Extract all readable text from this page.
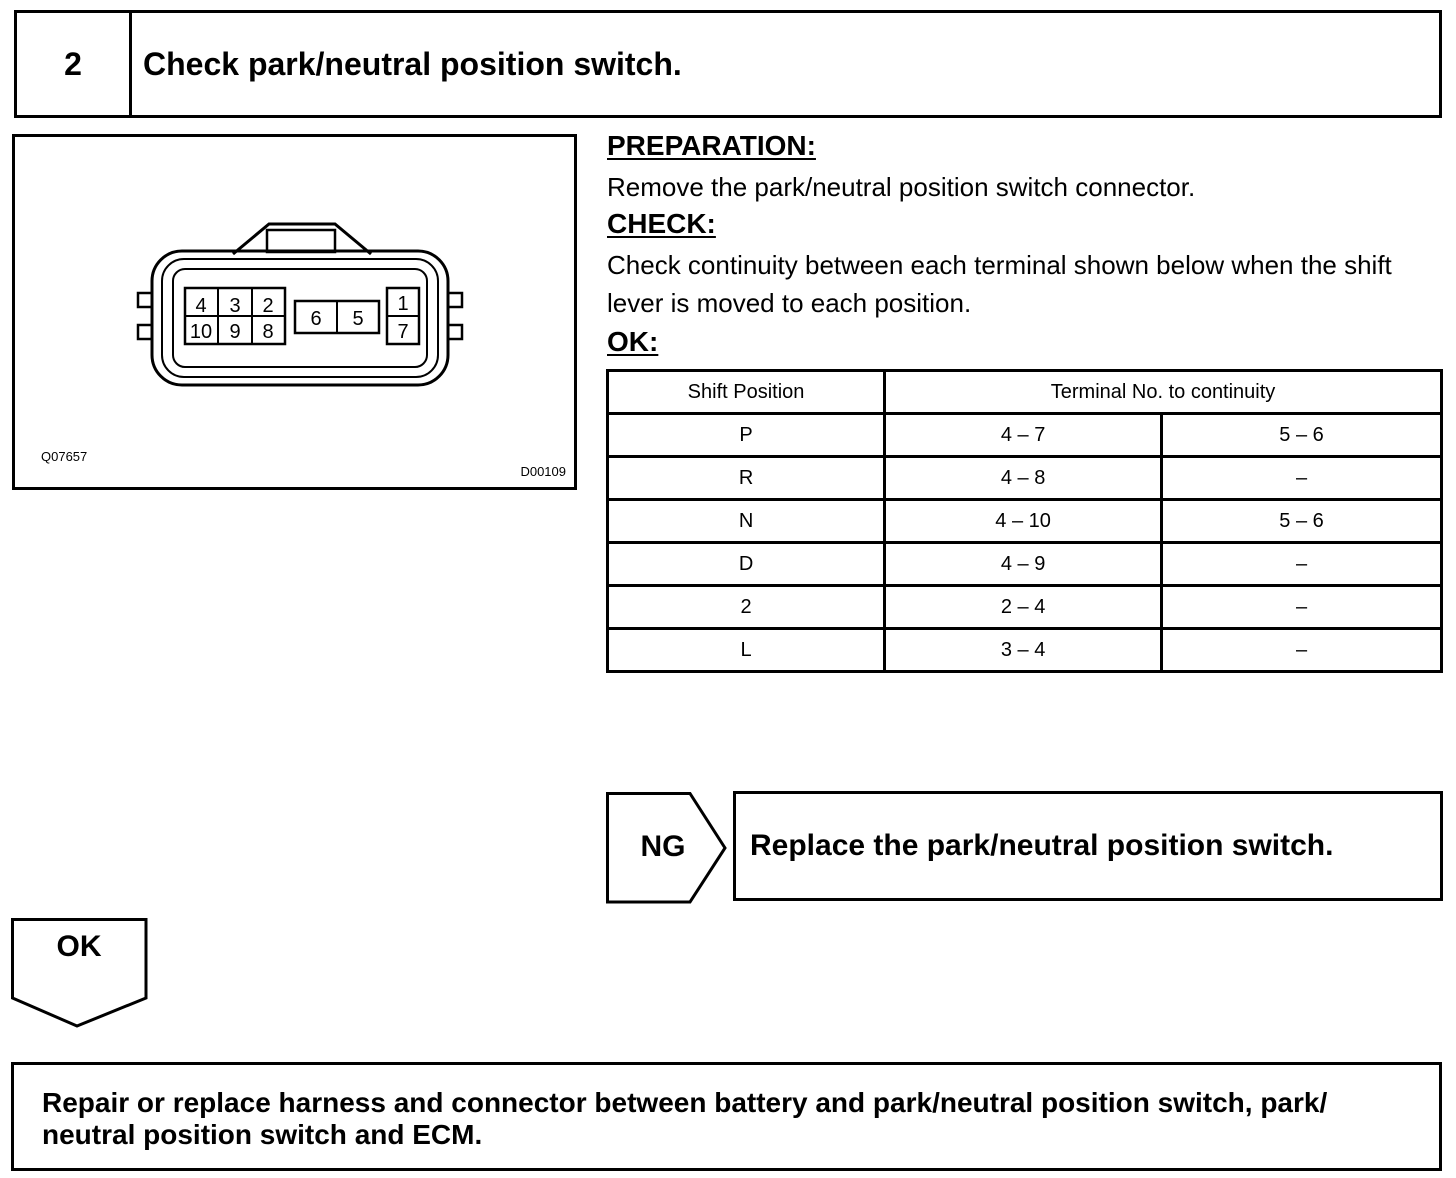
2	Check park/neutral position switch.
4 3 2
10 9 8
6 5
1
7
Q07657
D00109
PREPARATION:
Remove the park/neutral position switch connector.
CHECK:
Check continuity between each terminal shown below when the shift lever is moved to each position.
OK:
Shift Position	Terminal No. to continuity	
P	4 – 7	5 – 6
R	4 – 8	–
N	4 – 10	5 – 6
D	4 – 9	–
2	2 – 4	–
L	3 – 4	–
NG	Replace the park/neutral position switch.
OK
Repair or replace harness and connector between battery and park/neutral position switch, park/ neutral position switch and ECM.
